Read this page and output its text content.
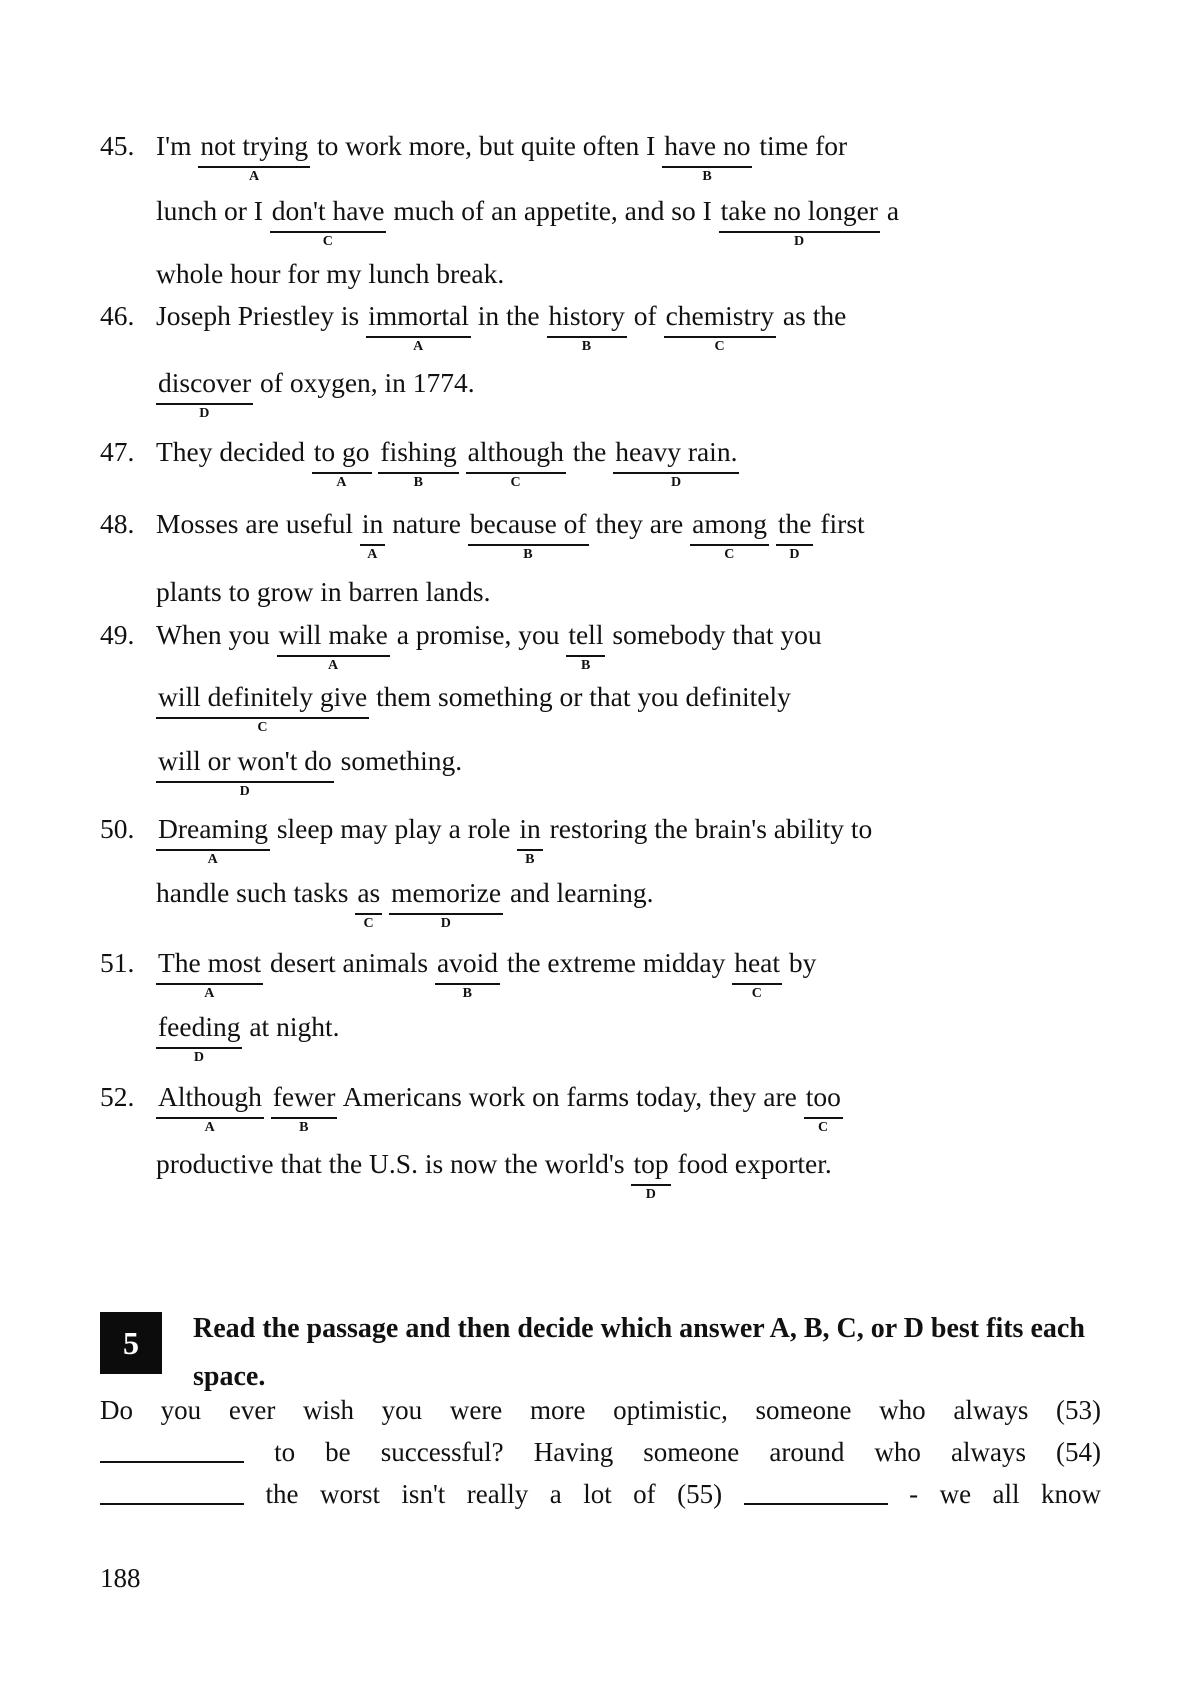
45. I'm not trying
A
to work more, but quite often I have no
B
time for
lunch or I don't have
C
much of an appetite, and so I take no longer
D
a
whole hour for my lunch break.
46. Joseph Priestley is immortal
A
in the history
B
of chemistry
C
as the
discover
D
of oxygen, in 1774.
47. They decided to go
A
fishing
B
although
C
the heavy rain.
D
48. Mosses are useful in
A
nature because of
B
they are among
C
the
D
first
plants to grow in barren lands.
49. When you will make
A
a promise, you tell
B
somebody that you
will definitely give
C
them something or that you definitely
will or won't do
D
something.
50. Dreaming
A
sleep may play a role in
B
restoring the brain's ability to
handle such tasks as
C
memorize
D
and learning.
51. The most
A
desert animals avoid
B
the extreme midday heat
C
by
feeding
D
at night.
52. Although
A
fewer
B
Americans work on farms today, they are too
C
productive that the U.S. is now the world's top
D
food exporter.
5 Read the passage and then decide which answer A, B, C, or D best fits each space.
Do you ever wish you were more optimistic, someone who always (53)
to be successful? Having someone around who always (54)
the worst isn't really a lot of (55)	- we all know
188
